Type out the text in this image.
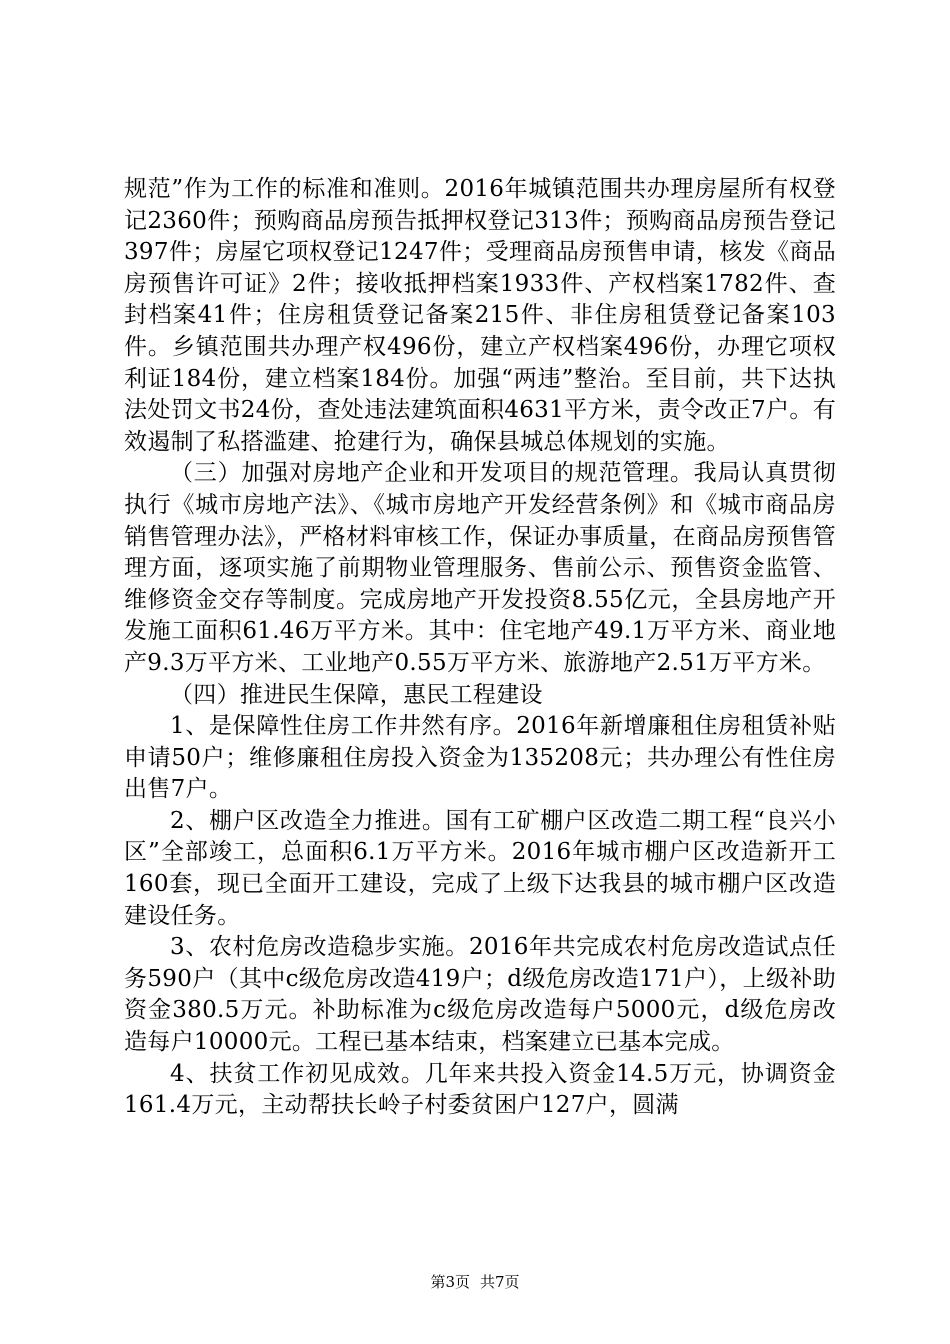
规范”作为工作的标准和准则。2016年城镇范围共办理房屋所有权登记2360件；预购商品房预告抵押权登记313件；预购商品房预告登记397件；房屋它项权登记1247件；受理商品房预售申请，核发《商品房预售许可证》2件；接收抵押档案1933件、产权档案1782件、查封档案41件；住房租赁登记备案215件、非住房租赁登记备案103件。乡镇范围共办理产权496份，建立产权档案496份，办理它项权利证184份，建立档案184份。加强“两违”整治。至目前，共下达执法处罚文书24份，查处违法建筑面积4631平方米，责令改正7户。有效遏制了私搭滥建、抢建行为，确保县城总体规划的实施。

（三）加强对房地产企业和开发项目的规范管理。我局认真贯彻执行《城市房地产法》、《城市房地产开发经营条例》和《城市商品房销售管理办法》，严格材料审核工作，保证办事质量，在商品房预售管理方面，逐项实施了前期物业管理服务、售前公示、预售资金监管、维修资金交存等制度。完成房地产开发投资8.55亿元，全县房地产开发施工面积61.46万平方米。其中：住宅地产49.1万平方米、商业地产9.3万平方米、工业地产0.55万平方米、旅游地产2.51万平方米。

（四）推进民生保障，惠民工程建设

1、是保障性住房工作井然有序。2016年新增廉租住房租赁补贴申请50户；维修廉租住房投入资金为135208元；共办理公有性住房出售7户。

2、棚户区改造全力推进。国有工矿棚户区改造二期工程“良兴小区”全部竣工，总面积6.1万平方米。2016年城市棚户区改造新开工160套，现已全面开工建设，完成了上级下达我县的城市棚户区改造建设任务。

3、农村危房改造稳步实施。2016年共完成农村危房改造试点任务590户（其中c级危房改造419户；d级危房改造171户），上级补助资金380.5万元。补助标准为c级危房改造每户5000元，d级危房改造每户10000元。工程已基本结束，档案建立已基本完成。

4、扶贫工作初见成效。几年来共投入资金14.5万元，协调资金161.4万元，主动帮扶长岭子村委贫困户127户，圆满

第3页 共7页
